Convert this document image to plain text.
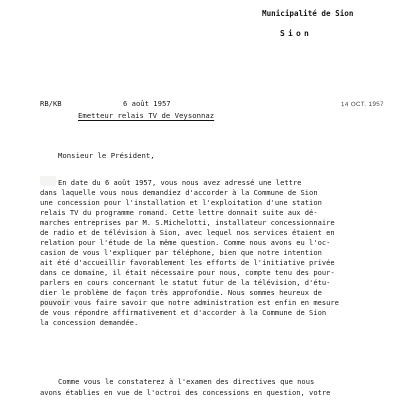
Municipalité de Sion
Sion
RB/KB	6 août 1957	14 OCT. 1957
Emetteur relais TV de Veysonnaz
Monsieur le Président,
En date du 6 août 1957, vous nous avez adressé une lettre
dans laquelle vous nous demandiez d'accorder à la Commune de Sion
une concession pour l'installation et l'exploitation d'une station
relais TV du programme romand. Cette lettre donnait suite aux dé-
marches entreprises par M. S.Michelotti, installateur concessionnaire
de radio et de télévision à Sion, avec lequel nos services étaient en
relation pour l'étude de la même question. Comme nous avons eu l'oc-
casion de vous l'expliquer par téléphone, bien que notre intention
ait été d'accueillir favorablement les efforts de l'initiative privée
dans ce domaine, il était nécessaire pour nous, compte tenu des pour-
parlers en cours concernant le statut futur de la télévision, d'étu-
dier le problème de façon très approfondie. Nous sommes heureux de
pouvoir vous faire savoir que notre administration est enfin en mesure
de vous répondre affirmativement et d'accorder à la Commune de Sion
la concession demandée.
Comme vous le constaterez à l'examen des directives que nous
avons établies en vue de l'octroi des concessions en question, votre
